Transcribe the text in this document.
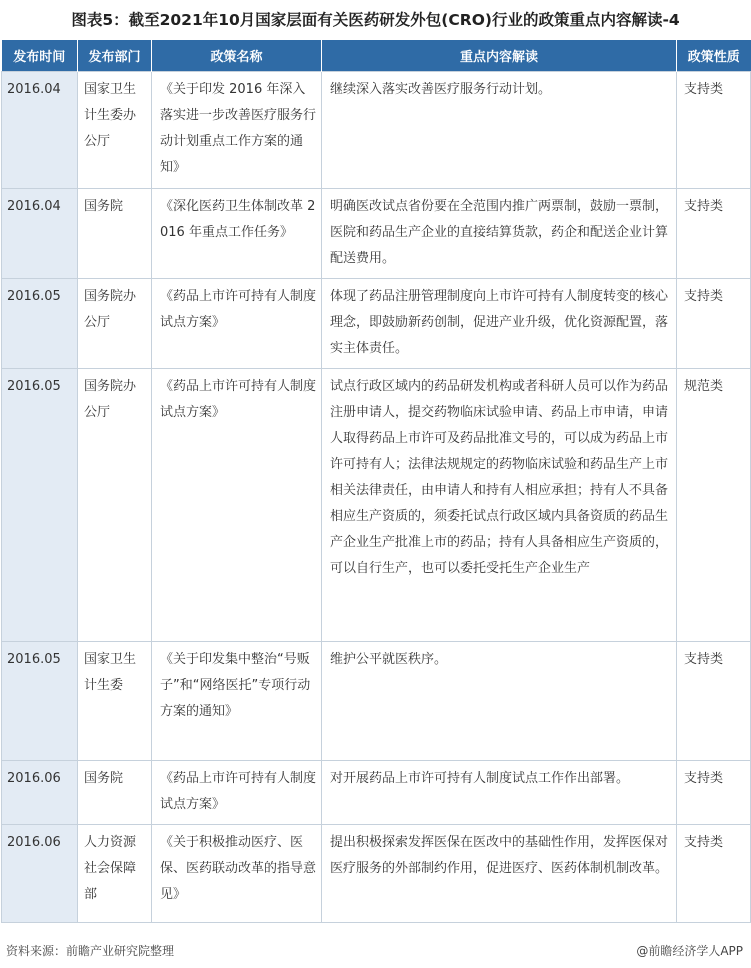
图表5：截至2021年10月国家层面有关医药研发外包(CRO)行业的政策重点内容解读-4
发布时间	发布部门	政策名称	重点内容解读	政策性质
2016.04	国家卫生计生委办公厅	《关于印发 2016 年深入落实进一步改善医疗服务行动计划重点工作方案的通知》	继续深入落实改善医疗服务行动计划。	支持类
2016.04	国务院	《深化医药卫生体制改革 2016 年重点工作任务》	明确医改试点省份要在全范围内推广两票制，鼓励一票制，医院和药品生产企业的直接结算货款，药企和配送企业计算配送费用。	支持类
2016.05	国务院办公厅	《药品上市许可持有人制度试点方案》	体现了药品注册管理制度向上市许可持有人制度转变的核心理念，即鼓励新药创制，促进产业升级，优化资源配置，落实主体责任。	支持类
2016.05	国务院办公厅	《药品上市许可持有人制度试点方案》	试点行政区域内的药品研发机构或者科研人员可以作为药品注册申请人，提交药物临床试验申请、药品上市申请，申请人取得药品上市许可及药品批准文号的，可以成为药品上市许可持有人；法律法规规定的药物临床试验和药品生产上市相关法律责任，由申请人和持有人相应承担；持有人不具备相应生产资质的，须委托试点行政区域内具备资质的药品生产企业生产批准上市的药品；持有人具备相应生产资质的，可以自行生产，也可以委托受托生产企业生产	规范类
2016.05	国家卫生计生委	《关于印发集中整治“号贩子”和“网络医托”专项行动方案的通知》	维护公平就医秩序。	支持类
2016.06	国务院	《药品上市许可持有人制度试点方案》	对开展药品上市许可持有人制度试点工作作出部署。	支持类
2016.06	人力资源社会保障部	《关于积极推动医疗、医保、医药联动改革的指导意见》	提出积极探索发挥医保在医改中的基础性作用，发挥医保对医疗服务的外部制约作用，促进医疗、医药体制机制改革。	支持类
资料来源：前瞻产业研究院整理	@前瞻经济学人APP
